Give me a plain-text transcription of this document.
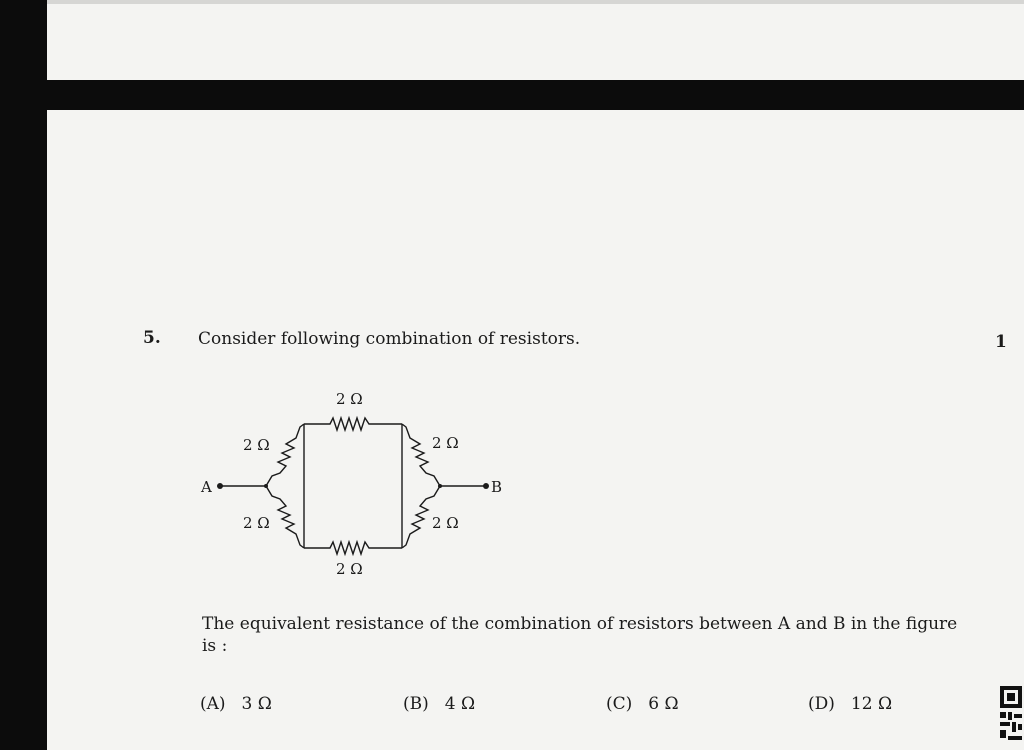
5. Consider following combination of resistors.	1
A	B
2 Ω
2 Ω
2 Ω
2 Ω
2 Ω
2 Ω
The equivalent resistance of the combination of resistors between A and B in the figure is :
(A) 3 Ω	(B) 4 Ω	(C) 6 Ω	(D) 12 Ω
